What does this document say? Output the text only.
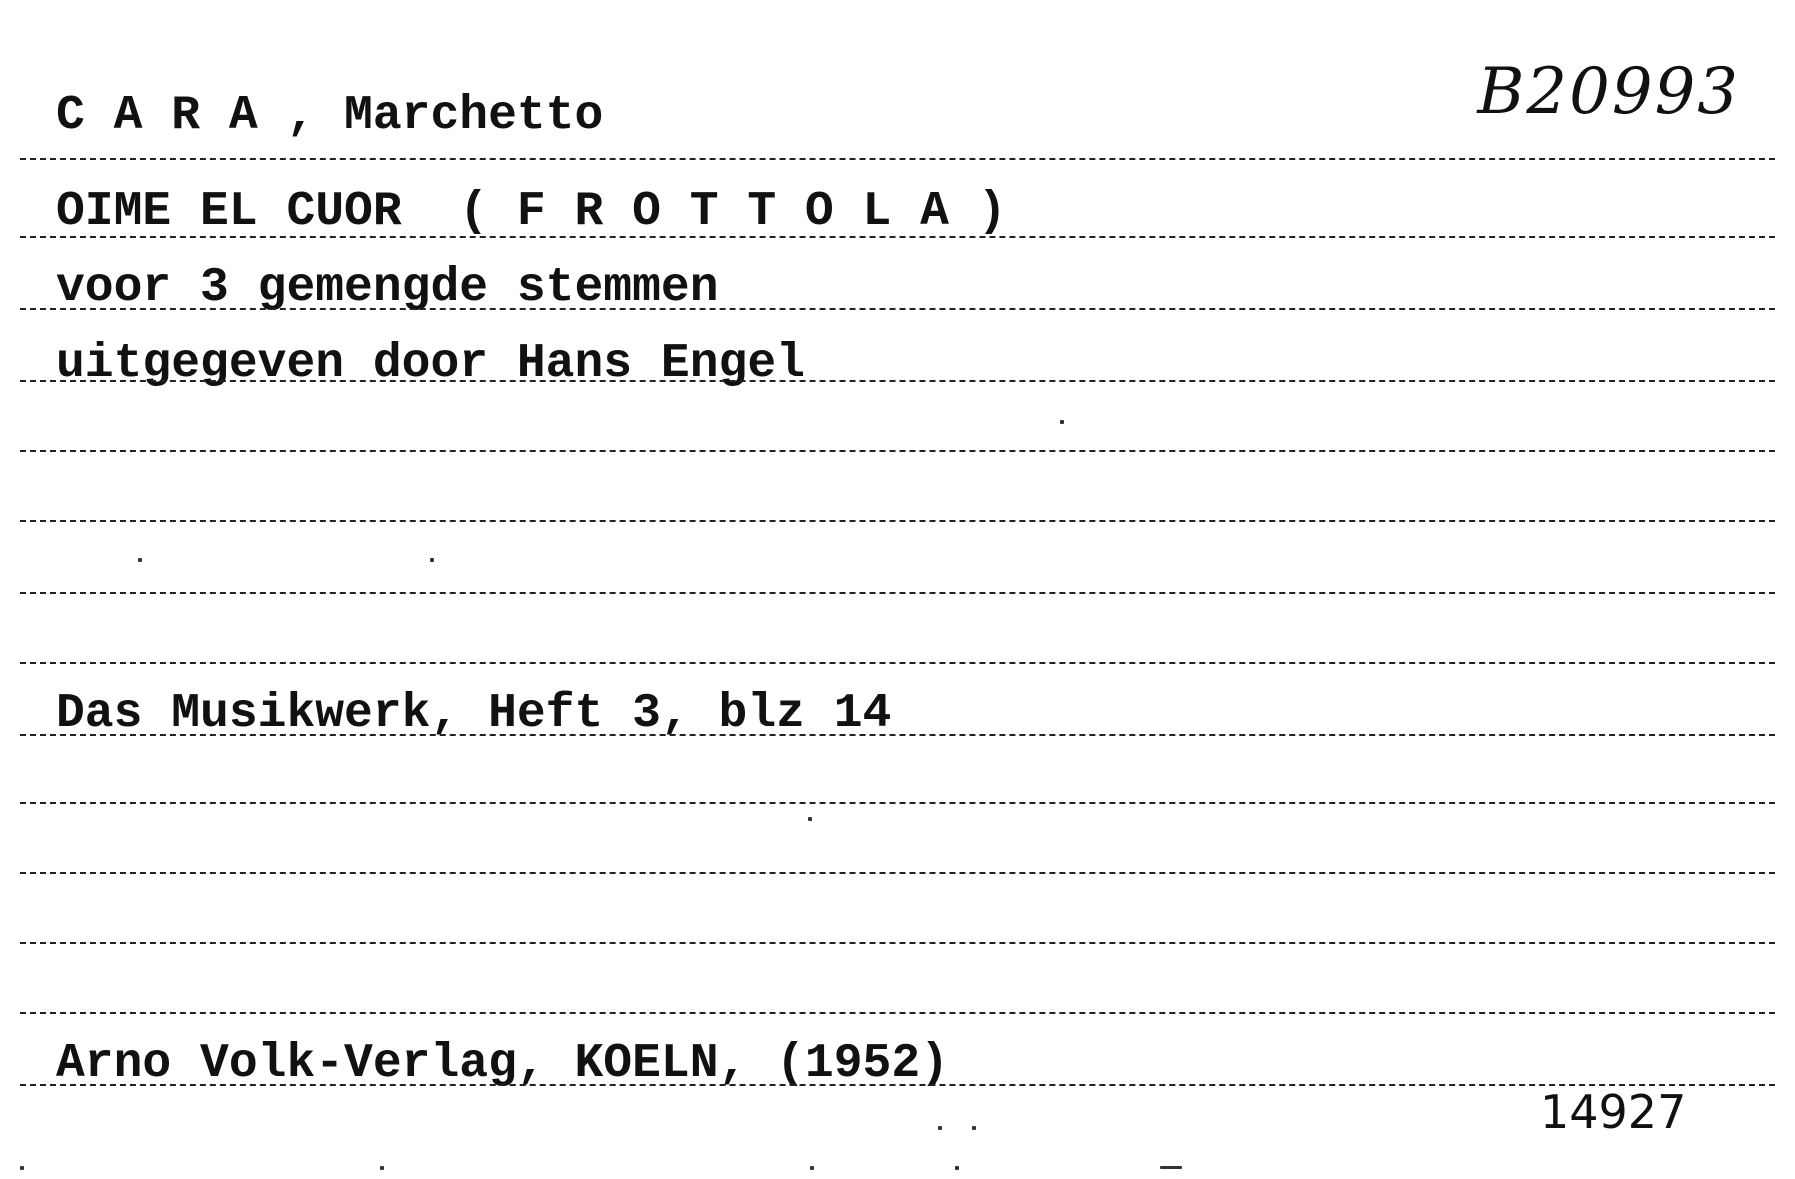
C A R A , Marchetto	B20993
OIME EL CUOR  ( F R O T T O L A )
voor 3 gemengde stemmen
uitgegeven door Hans Engel
Das Musikwerk, Heft 3, blz 14
Arno Volk-Verlag, KOELN, (1952)
14927
